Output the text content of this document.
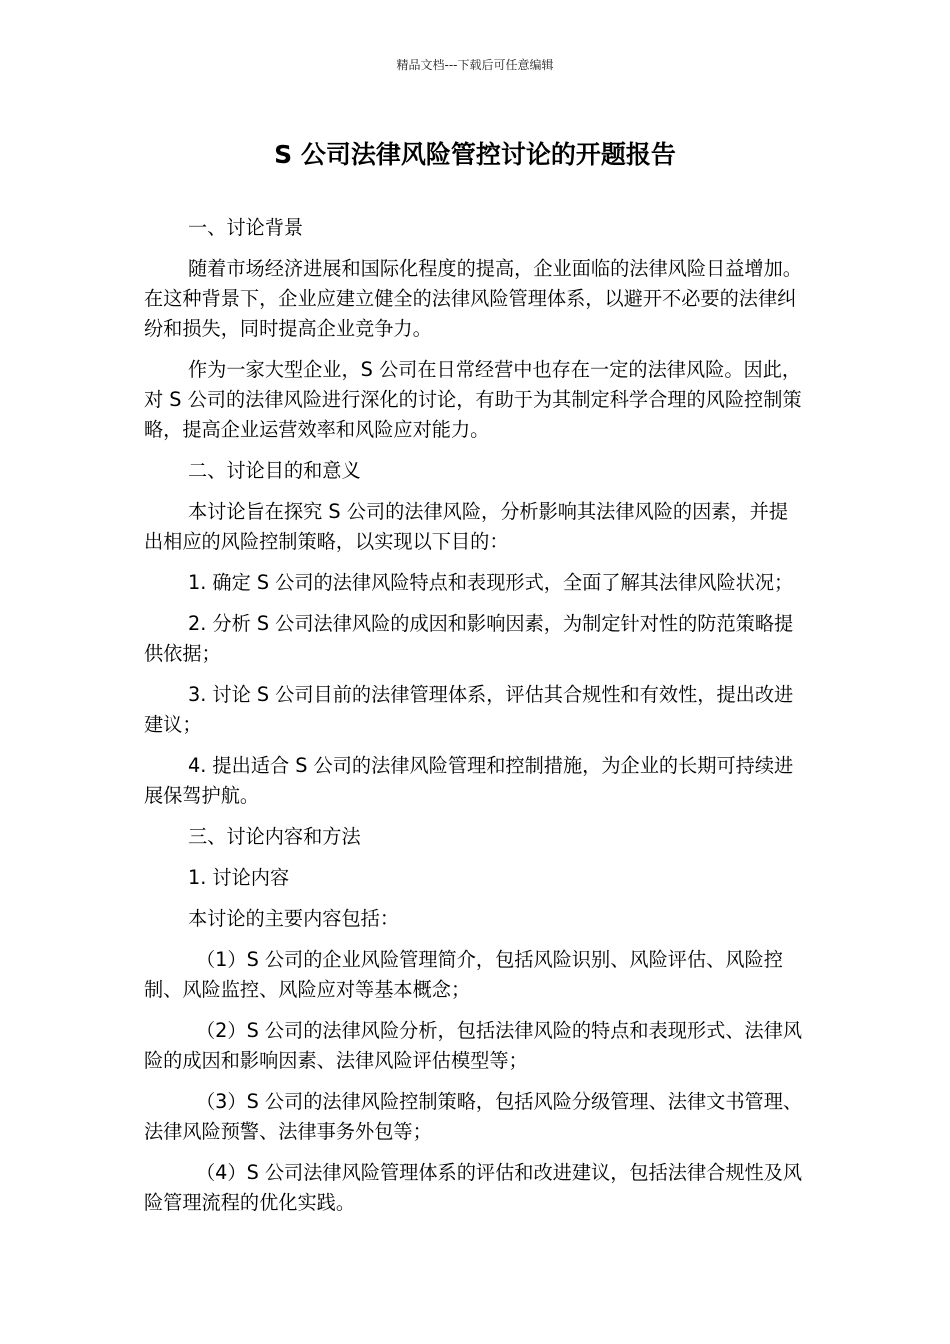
精品文档---下载后可任意编辑
S 公司法律风险管控讨论的开题报告

一、讨论背景

随着市场经济进展和国际化程度的提高，企业面临的法律风险日益增加。在这种背景下，企业应建立健全的法律风险管理体系，以避开不必要的法律纠纷和损失，同时提高企业竞争力。

作为一家大型企业，S 公司在日常经营中也存在一定的法律风险。因此，对 S 公司的法律风险进行深化的讨论，有助于为其制定科学合理的风险控制策略，提高企业运营效率和风险应对能力。

二、讨论目的和意义

本讨论旨在探究 S 公司的法律风险，分析影响其法律风险的因素，并提出相应的风险控制策略，以实现以下目的：

1. 确定 S 公司的法律风险特点和表现形式，全面了解其法律风险状况；

2. 分析 S 公司法律风险的成因和影响因素，为制定针对性的防范策略提供依据；

3. 讨论 S 公司目前的法律管理体系，评估其合规性和有效性，提出改进建议；

4. 提出适合 S 公司的法律风险管理和控制措施，为企业的长期可持续进展保驾护航。

三、讨论内容和方法

1. 讨论内容

本讨论的主要内容包括：

（1）S 公司的企业风险管理简介，包括风险识别、风险评估、风险控制、风险监控、风险应对等基本概念；

（2）S 公司的法律风险分析，包括法律风险的特点和表现形式、法律风险的成因和影响因素、法律风险评估模型等；

（3）S 公司的法律风险控制策略，包括风险分级管理、法律文书管理、法律风险预警、法律事务外包等；

（4）S 公司法律风险管理体系的评估和改进建议，包括法律合规性及风险管理流程的优化实践。
